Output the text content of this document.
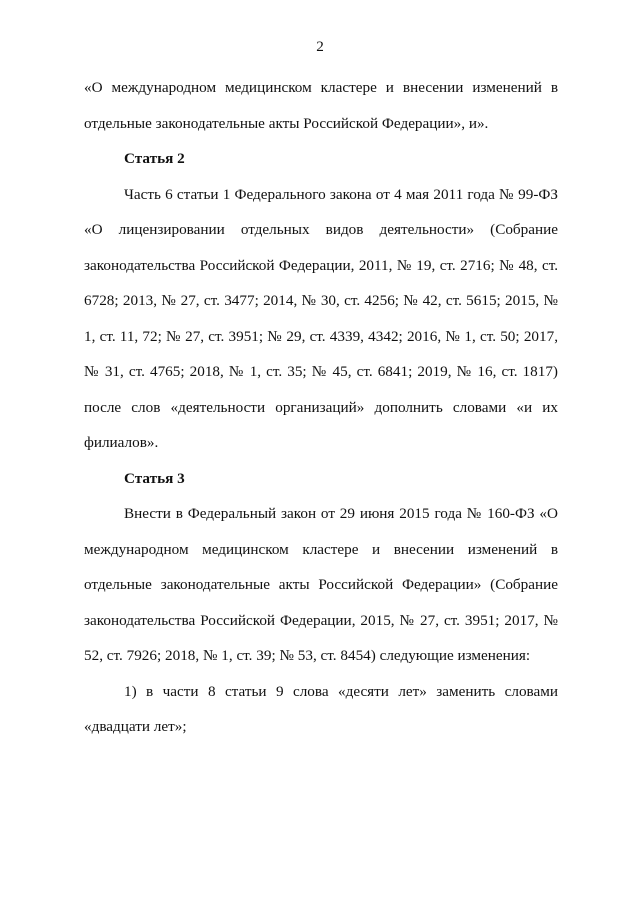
2

«О международном медицинском кластере и внесении изменений в отдельные законодательные акты Российской Федерации», и».

Статья 2

Часть 6 статьи 1 Федерального закона от 4 мая 2011 года № 99-ФЗ «О лицензировании отдельных видов деятельности» (Собрание законодательства Российской Федерации, 2011, № 19, ст. 2716; № 48, ст. 6728; 2013, № 27, ст. 3477; 2014, № 30, ст. 4256; № 42, ст. 5615; 2015, № 1, ст. 11, 72; № 27, ст. 3951; № 29, ст. 4339, 4342; 2016, № 1, ст. 50; 2017, № 31, ст. 4765; 2018, № 1, ст. 35; № 45, ст. 6841; 2019, № 16, ст. 1817) после слов «деятельности организаций» дополнить словами «и их филиалов».

Статья 3

Внести в Федеральный закон от 29 июня 2015 года № 160-ФЗ «О международном медицинском кластере и внесении изменений в отдельные законодательные акты Российской Федерации» (Собрание законодательства Российской Федерации, 2015, № 27, ст. 3951; 2017, № 52, ст. 7926; 2018, № 1, ст. 39; № 53, ст. 8454) следующие изменения:

1) в части 8 статьи 9 слова «десяти лет» заменить словами «двадцати лет»;
